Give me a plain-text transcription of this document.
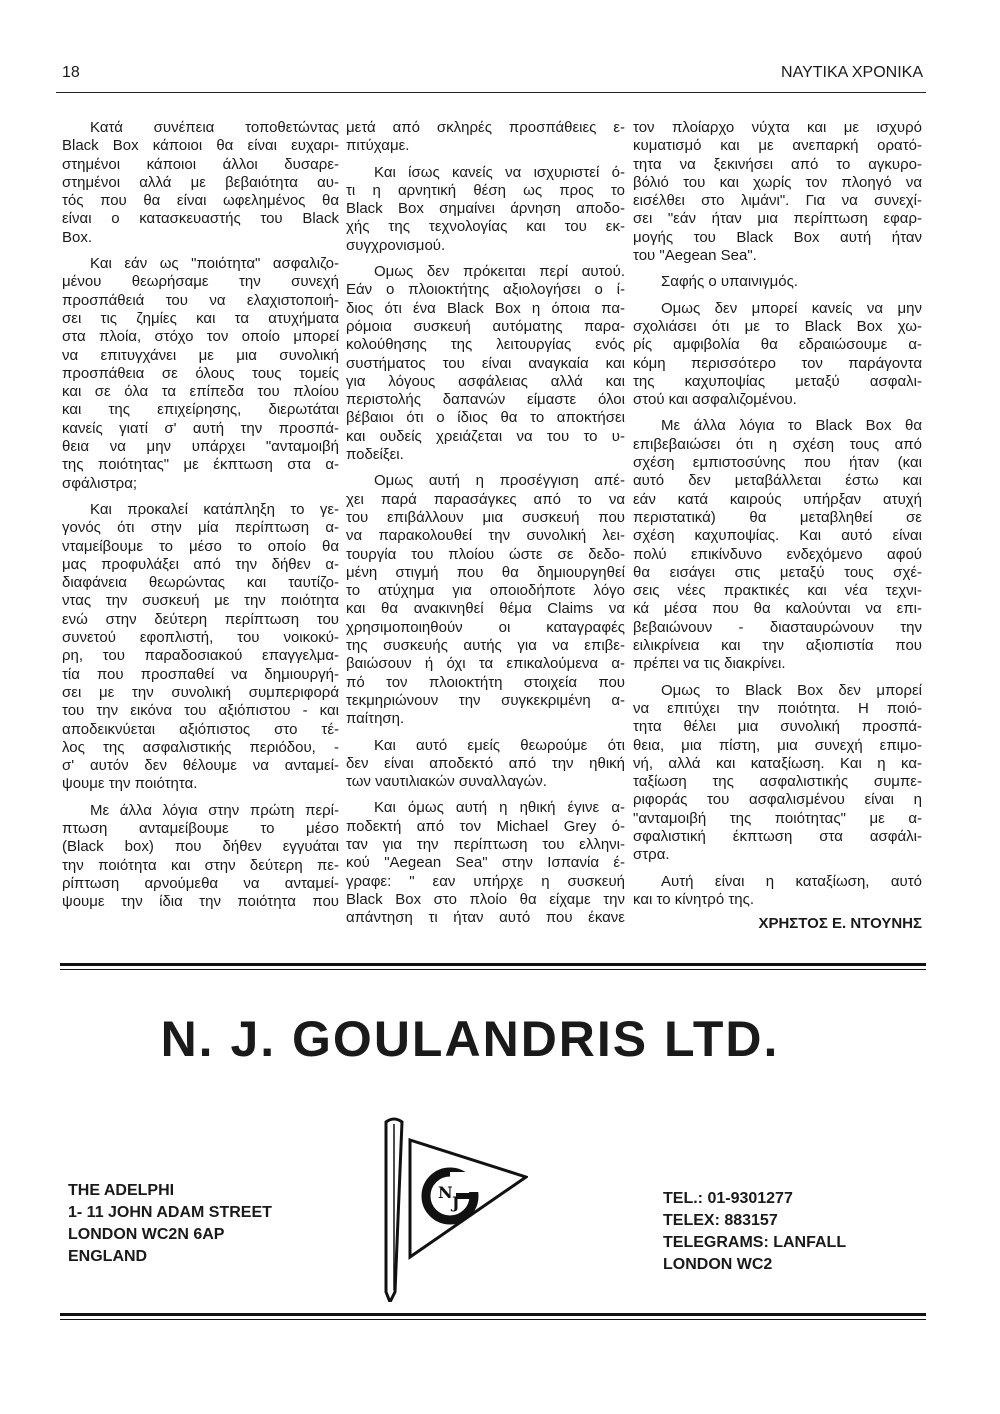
18	ΝΑΥΤΙΚΑ ΧΡΟΝΙΚΑ
Κατά συνέπεια τοποθετώντας
Black Box κάποιοι θα είναι ευχαρι-
στημένοι κάποιοι άλλοι δυσαρε-
στημένοι αλλά με βεβαιότητα αυ-
τός που θα είναι ωφελημένος θα
είναι ο κατασκευαστής του Black
Box.
Και εάν ως "ποιότητα" ασφαλιζο-
μένου θεωρήσαμε την συνεχή
προσπάθειά του να ελαχιστοποιή-
σει τις ζημίες και τα ατυχήματα
στα πλοία, στόχο τον οποίο μπορεί
να επιτυγχάνει με μια συνολική
προσπάθεια σε όλους τους τομείς
και σε όλα τα επίπεδα του πλοίου
και της επιχείρησης, διερωτάται
κανείς γιατί σ' αυτή την προσπά-
θεια να μην υπάρχει "ανταμοιβή
της ποιότητας" με έκπτωση στα α-
σφάλιστρα;
Και προκαλεί κατάπληξη το γε-
γονός ότι στην μία περίπτωση α-
νταμείβουμε το μέσο το οποίο θα
μας προφυλάξει από την δήθεν α-
διαφάνεια θεωρώντας και ταυτίζο-
ντας την συσκευή με την ποιότητα
ενώ στην δεύτερη περίπτωση του
συνετού εφοπλιστή, του νοικοκύ-
ρη, του παραδοσιακού επαγγελμα-
τία που προσπαθεί να δημιουργή-
σει με την συνολική συμπεριφορά
του την εικόνα του αξιόπιστου - και
αποδεικνύεται αξιόπιστος στο τέ-
λος της ασφαλιστικής περιόδου, -
σ' αυτόν δεν θέλουμε να ανταμεί-
ψουμε την ποιότητα.
Με άλλα λόγια στην πρώτη περί-
πτωση ανταμείβουμε το μέσο
(Black box) που δήθεν εγγυάται
την ποιότητα και στην δεύτερη πε-
ρίπτωση αρνούμεθα να ανταμεί-
ψουμε την ίδια την ποιότητα που
μετά από σκληρές προσπάθειες ε-
πιτύχαμε.
Και ίσως κανείς να ισχυριστεί ό-
τι η αρνητική θέση ως προς το
Black Box σημαίνει άρνηση αποδο-
χής της τεχνολογίας και του εκ-
συγχρονισμού.
Ομως δεν πρόκειται περί αυτού.
Εάν ο πλοιοκτήτης αξιολογήσει ο ί-
διος ότι ένα Black Box η όποια πα-
ρόμοια συσκευή αυτόματης παρα-
κολούθησης της λειτουργίας ενός
συστήματος του είναι αναγκαία και
για λόγους ασφάλειας αλλά και
περιστολής δαπανών είμαστε όλοι
βέβαιοι ότι ο ίδιος θα το αποκτήσει
και ουδείς χρειάζεται να του το υ-
ποδείξει.
Ομως αυτή η προσέγγιση απέ-
χει παρά παρασάγκες από το να
του επιβάλλουν μια συσκευή που
να παρακολουθεί την συνολική λει-
τουργία του πλοίου ώστε σε δεδο-
μένη στιγμή που θα δημιουργηθεί
το ατύχημα για οποιοδήποτε λόγο
και θα ανακινηθεί θέμα Claims να
χρησιμοποιηθούν οι καταγραφές
της συσκευής αυτής για να επιβε-
βαιώσουν ή όχι τα επικαλούμενα α-
πό τον πλοιοκτήτη στοιχεία που
τεκμηριώνουν την συγκεκριμένη α-
παίτηση.
Και αυτό εμείς θεωρούμε ότι
δεν είναι αποδεκτό από την ηθική
των ναυτιλιακών συναλλαγών.
Και όμως αυτή η ηθική έγινε α-
ποδεκτή από τον Michael Grey ό-
ταν για την περίπτωση του ελληνι-
κού "Aegean Sea" στην Ισπανία έ-
γραφε: " εαν υπήρχε η συσκευή
Black Box στο πλοίο θα είχαμε την
απάντηση τι ήταν αυτό που έκανε
τον πλοίαρχο νύχτα και με ισχυρό
κυματισμό και με ανεπαρκή ορατό-
τητα να ξεκινήσει από το αγκυρο-
βόλιό του και χωρίς τον πλοηγό να
εισέλθει στο λιμάνι". Για να συνεχί-
σει "εάν ήταν μια περίπτωση εφαρ-
μογής του Black Box αυτή ήταν
του "Aegean Sea".
Σαφής ο υπαινιγμός.
Ομως δεν μπορεί κανείς να μην
σχολιάσει ότι με το Black Box χω-
ρίς αμφιβολία θα εδραιώσουμε α-
κόμη περισσότερο τον παράγοντα
της καχυποψίας μεταξύ ασφαλι-
στού και ασφαλιζομένου.
Με άλλα λόγια το Black Box θα
επιβεβαιώσει ότι η σχέση τους από
σχέση εμπιστοσύνης που ήταν (και
αυτό δεν μεταβάλλεται έστω και
εάν κατά καιρούς υπήρξαν ατυχή
περιστατικά) θα μεταβληθεί σε
σχέση καχυποψίας. Και αυτό είναι
πολύ επικίνδυνο ενδεχόμενο αφού
θα εισάγει στις μεταξύ τους σχέ-
σεις νέες πρακτικές και νέα τεχνι-
κά μέσα που θα καλούνται να επι-
βεβαιώνουν - διασταυρώνουν την
ειλικρίνεια και την αξιοπιστία που
πρέπει να τις διακρίνει.
Ομως το Black Box δεν μπορεί
να επιτύχει την ποιότητα. Η ποιό-
τητα θέλει μια συνολική προσπά-
θεια, μια πίστη, μια συνεχή επιμο-
νή, αλλά και καταξίωση. Και η κα-
ταξίωση της ασφαλιστικής συμπε-
ριφοράς του ασφαλισμένου είναι η
"ανταμοιβή της ποιότητας" με α-
σφαλιστική έκπτωση στα ασφάλι-
στρα.
Αυτή είναι η καταξίωση, αυτό
και το κίνητρό της.
ΧΡΗΣΤΟΣ Ε. ΝΤΟΥΝΗΣ
N. J. GOULANDRIS LTD.
N
J
THE ADELPHI
1- 11 JOHN ADAM STREET
LONDON WC2N 6AP
ENGLAND
TEL.: 01-9301277
TELEX: 883157
TELEGRAMS: LANFALL
LONDON WC2
